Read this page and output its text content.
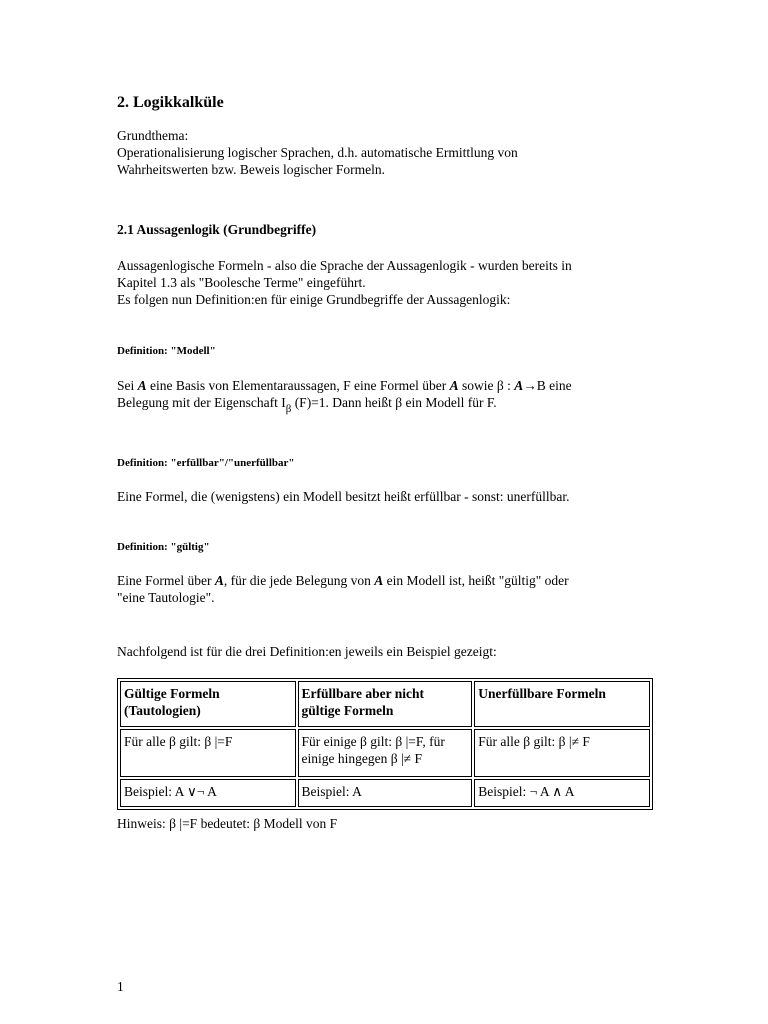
2. Logikkalküle

Grundthema:
Operationalisierung logischer Sprachen, d.h. automatische Ermittlung von
Wahrheitswerten bzw. Beweis logischer Formeln.

2.1 Aussagenlogik (Grundbegriffe)

Aussagenlogische Formeln - also die Sprache der Aussagenlogik - wurden bereits in
Kapitel 1.3 als "Boolesche Terme" eingeführt.
Es folgen nun Definition:en für einige Grundbegriffe der Aussagenlogik:

Definition: "Modell"

Sei A eine Basis von Elementaraussagen, F eine Formel über A sowie β : A→B eine
Belegung mit der Eigenschaft $I_\beta$ (F)=1. Dann heißt β ein Modell für F.

Definition: "erfüllbar"/"unerfüllbar"

Eine Formel, die (wenigstens) ein Modell besitzt heißt erfüllbar - sonst: unerfüllbar.

Definition: "gültig"

Eine Formel über A, für die jede Belegung von A ein Modell ist, heißt "gültig" oder
"eine Tautologie".

Nachfolgend ist für die drei Definition:en jeweils ein Beispiel gezeigt:

Gültige Formeln
(Tautologien)	Erfüllbare aber nicht
gültige Formeln	Unerfüllbare Formeln

Für alle β gilt: β |=F	Für einige β gilt: β |=F, für
einige hingegen β |≠ F	Für alle β gilt: β |≠ F

Beispiel: A ∨¬ A	Beispiel: A	Beispiel: ¬ A ∧ A

Hinweis: β |=F bedeutet: β Modell von F

1
